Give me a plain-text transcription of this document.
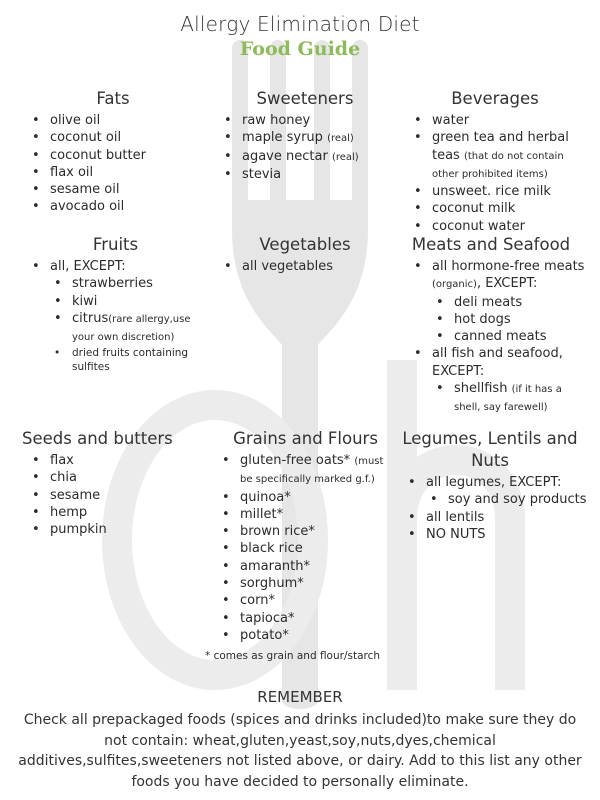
Allergy Elimination Diet
Food Guide
Fats
• olive oil
• coconut oil
• coconut butter
• flax oil
• sesame oil
• avocado oil
Sweeteners
• raw honey
• maple syrup (real)
• agave nectar (real)
• stevia
Beverages
• water
• green tea and herbal teas (that do not contain other prohibited items)
• unsweet. rice milk
• coconut milk
• coconut water
Fruits
• all, EXCEPT:
• strawberries
• kiwi
• citrus(rare allergy,use your own discretion)
• dried fruits containing sulfites
Vegetables
• all vegetables
Meats and Seafood
• all hormone-free meats (organic), EXCEPT:
• deli meats
• hot dogs
• canned meats
• all fish and seafood, EXCEPT:
• shellfish (if it has a shell, say farewell)
Seeds and butters
• flax
• chia
• sesame
• hemp
• pumpkin
Grains and Flours
• gluten-free oats* (must be specifically marked g.f.)
• quinoa*
• millet*
• brown rice*
• black rice
• amaranth*
• sorghum*
• corn*
• tapioca*
• potato*
* comes as grain and flour/starch
Legumes, Lentils and Nuts
• all legumes, EXCEPT:
• soy and soy products
• all lentils
• NO NUTS
REMEMBER

Check all prepackaged foods (spices and drinks included)to make sure they do not contain: wheat,gluten,yeast,soy,nuts,dyes,chemical additives,sulfites,sweeteners not listed above, or dairy. Add to this list any other foods you have decided to personally eliminate.
